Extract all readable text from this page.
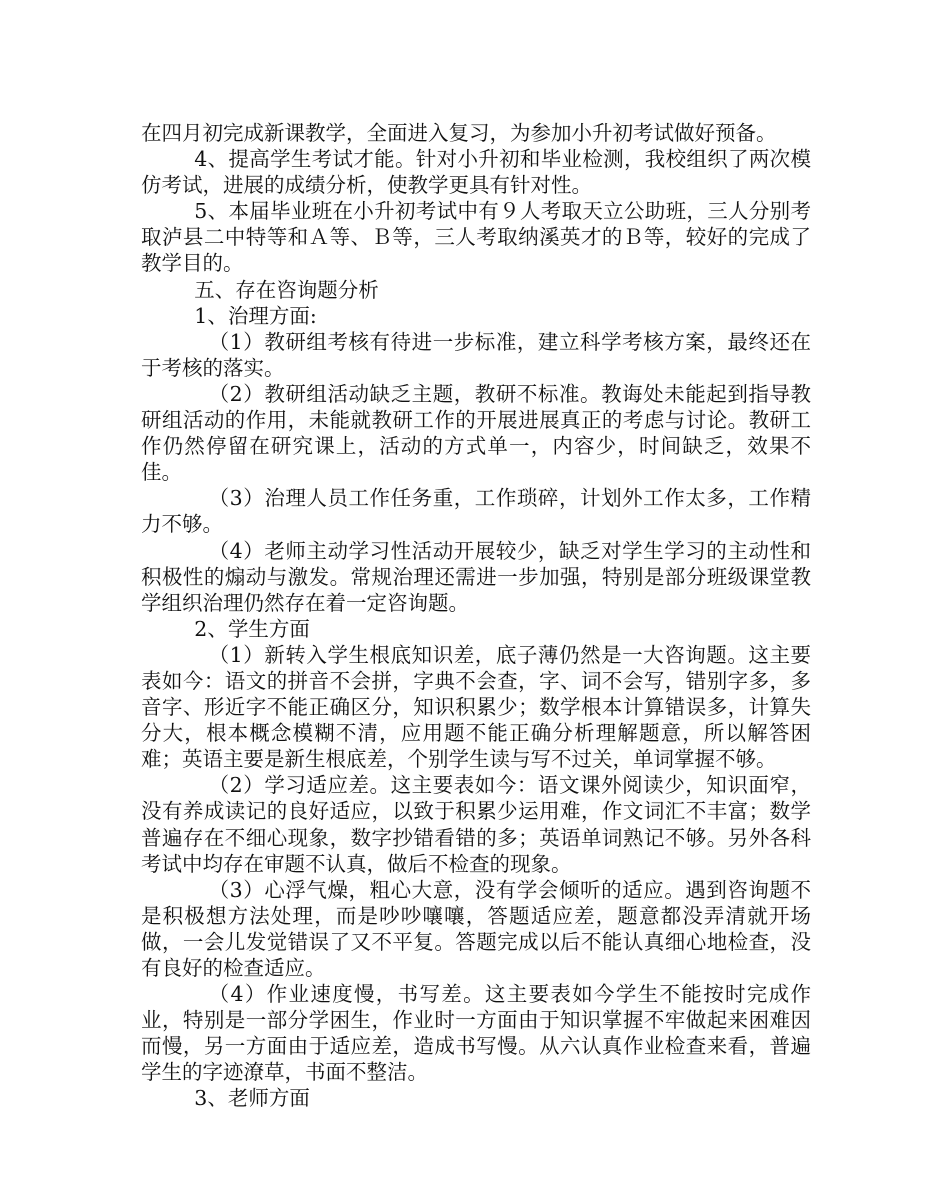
在四月初完成新课教学，全面进入复习，为参加小升初考试做好预备。

4、提高学生考试才能。针对小升初和毕业检测，我校组织了两次模仿考试，进展的成绩分析，使教学更具有针对性。

5、本届毕业班在小升初考试中有９人考取天立公助班，三人分别考取泸县二中特等和Ａ等、Ｂ等，三人考取纳溪英才的Ｂ等，较好的完成了教学目的。

五、存在咨询题分析

1、治理方面:

（1）教研组考核有待进一步标准，建立科学考核方案，最终还在于考核的落实。

（2）教研组活动缺乏主题，教研不标准。教诲处未能起到指导教研组活动的作用，未能就教研工作的开展进展真正的考虑与讨论。教研工作仍然停留在研究课上，活动的方式单一，内容少，时间缺乏，效果不佳。

（3）治理人员工作任务重，工作琐碎，计划外工作太多，工作精力不够。

（4）老师主动学习性活动开展较少，缺乏对学生学习的主动性和积极性的煽动与激发。常规治理还需进一步加强，特别是部分班级课堂教学组织治理仍然存在着一定咨询题。

2、学生方面

（1）新转入学生根底知识差，底子薄仍然是一大咨询题。这主要表如今：语文的拼音不会拼，字典不会查，字、词不会写，错别字多，多音字、形近字不能正确区分，知识积累少；数学根本计算错误多，计算失分大，根本概念模糊不清，应用题不能正确分析理解题意，所以解答困难；英语主要是新生根底差，个别学生读与写不过关，单词掌握不够。

（2）学习适应差。这主要表如今：语文课外阅读少，知识面窄，没有养成读记的良好适应，以致于积累少运用难，作文词汇不丰富；数学普遍存在不细心现象，数字抄错看错的多；英语单词熟记不够。另外各科考试中均存在审题不认真，做后不检查的现象。

（3）心浮气燥，粗心大意，没有学会倾听的适应。遇到咨询题不是积极想方法处理，而是吵吵嚷嚷，答题适应差，题意都没弄清就开场做，一会儿发觉错误了又不平复。答题完成以后不能认真细心地检查，没有良好的检查适应。

（4）作业速度慢，书写差。这主要表如今学生不能按时完成作业，特别是一部分学困生，作业时一方面由于知识掌握不牢做起来困难因而慢，另一方面由于适应差，造成书写慢。从六认真作业检查来看，普遍学生的字迹潦草，书面不整洁。

3、老师方面
